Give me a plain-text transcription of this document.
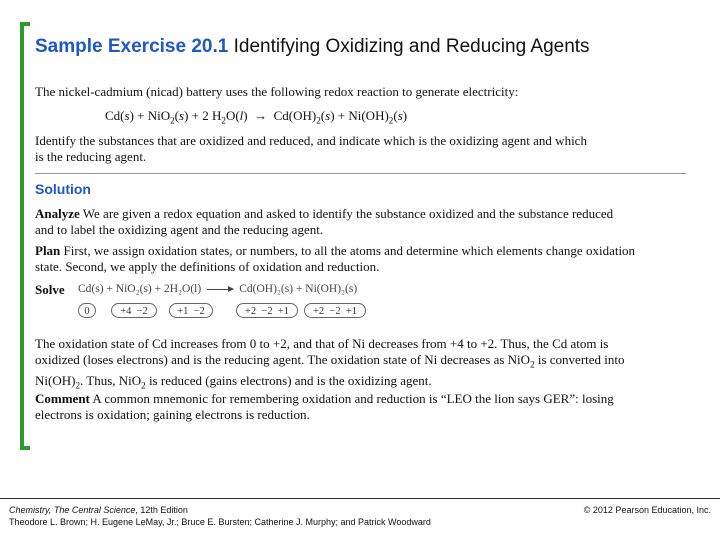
Sample Exercise 20.1 Identifying Oxidizing and Reducing Agents
The nickel-cadmium (nicad) battery uses the following redox reaction to generate electricity:
Cd(s) + NiO$_2$(s) + 2 $H_2O(l) \to Cd(OH)_2(s) + Ni(OH)_2(s)$
Identify the substances that are oxidized and reduced, and indicate which is the oxidizing agent and which is the reducing agent.
Solution
Analyze We are given a redox equation and asked to identify the substance oxidized and the substance reduced and to label the oxidizing agent and the reducing agent.
Plan First, we assign oxidation states, or numbers, to all the atoms and determine which elements change oxidation state. Second, we apply the definitions of oxidation and reduction.
Solve Cd(s) + NiO₂(s) + 2H₂O(l)	Cd(OH)₂(s) + Ni(OH)₂(s)
0	+4 −2	+1 −2	+2 −2 +1	+2 −2 +1
The oxidation state of Cd increases from 0 to +2, and that of Ni decreases from +4 to +2. Thus, the Cd atom is oxidized (loses electrons) and is the reducing agent. The oxidation state of Ni decreases as NiO$_2$ is converted into $Ni(OH)_2$. Thus, NiO$_2$ is reduced (gains electrons) and is the oxidizing agent.
Comment A common mnemonic for remembering oxidation and reduction is “LEO the lion says GER”: losing electrons is oxidation; gaining electrons is reduction.
Chemistry, The Central Science, 12th Edition
Theodore L. Brown; H. Eugene LeMay, Jr.; Bruce E. Bursten; Catherine J. Murphy; and Patrick Woodward
© 2012 Pearson Education, Inc.
